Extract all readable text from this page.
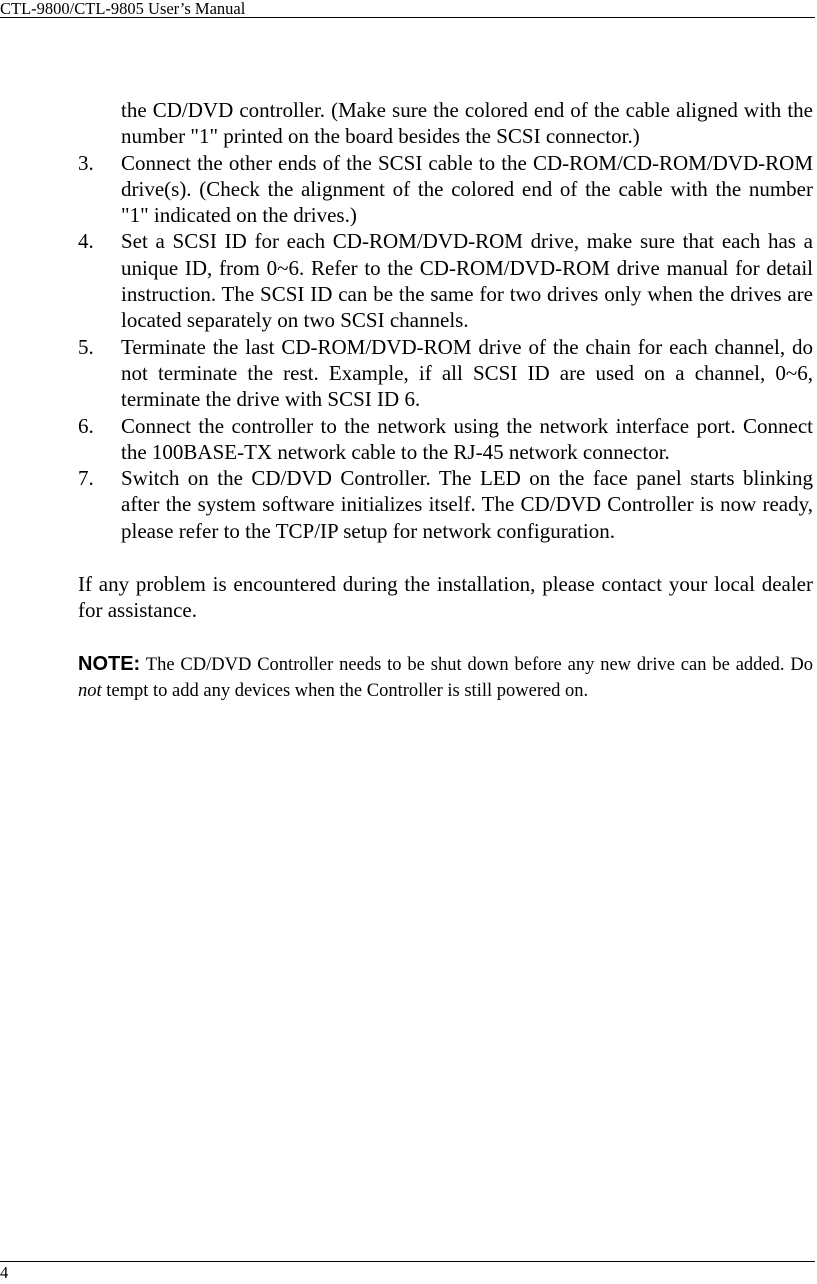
CTL-9800/CTL-9805 User’s Manual

the CD/DVD controller. (Make sure the colored end of the cable aligned with the number "1" printed on the board besides the SCSI connector.)

3.	Connect the other ends of the SCSI cable to the CD-ROM/CD-ROM/DVD-ROM drive(s). (Check the alignment of the colored end of the cable with the number "1" indicated on the drives.)
4.	Set a SCSI ID for each CD-ROM/DVD-ROM drive, make sure that each has a unique ID, from 0~6. Refer to the CD-ROM/DVD-ROM drive manual for detail instruction. The SCSI ID can be the same for two drives only when the drives are located separately on two SCSI channels.
5.	Terminate the last CD-ROM/DVD-ROM drive of the chain for each channel, do not terminate the rest. Example, if all SCSI ID are used on a channel, 0~6, terminate the drive with SCSI ID 6.
6.	Connect the controller to the network using the network interface port. Connect the 100BASE-TX network cable to the RJ-45 network connector.
7.	Switch on the CD/DVD Controller. The LED on the face panel starts blinking after the system software initializes itself. The CD/DVD Controller is now ready, please refer to the TCP/IP setup for network configuration.

If any problem is encountered during the installation, please contact your local dealer for assistance.

NOTE: The CD/DVD Controller needs to be shut down before any new drive can be added. Do not tempt to add any devices when the Controller is still powered on.

4
